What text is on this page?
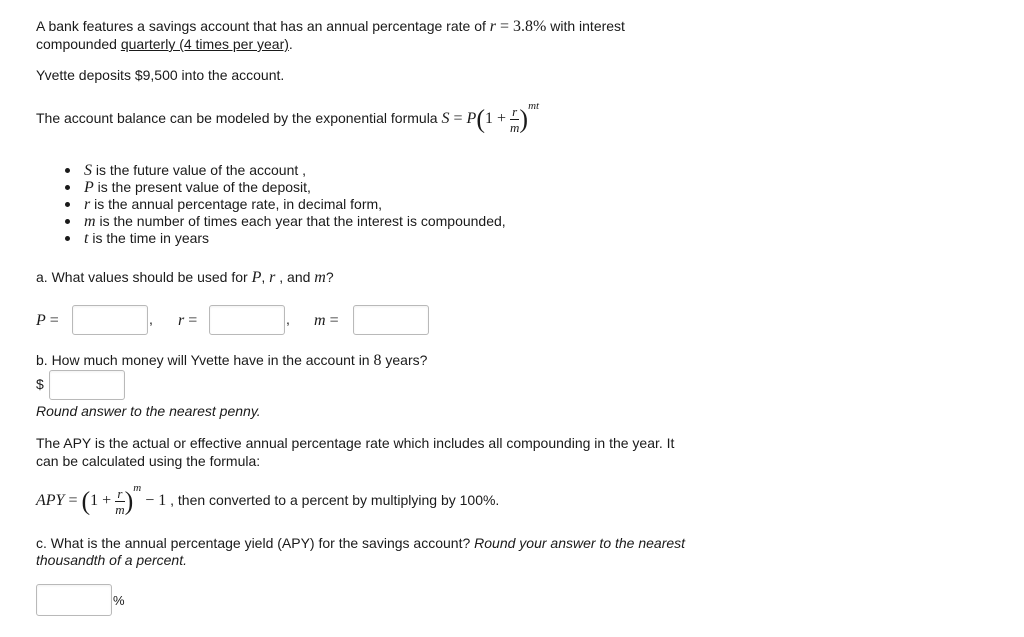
A bank features a savings account that has an annual percentage rate of r = 3.8% with interest
compounded quarterly (4 times per year).
Yvette deposits $9,500 into the account.
The account balance can be modeled by the exponential formula $S = P(1 + \frac{r}{m} )^{mt}$
S is the future value of the account ,
P is the present value of the deposit,
r is the annual percentage rate, in decimal form,
m is the number of times each year that the interest is compounded,
t is the time in years
a. What values should be used for P, r , and m?
P =	, r =	, m =
b. How much money will Yvette have in the account in 8 years?
$
Round answer to the nearest penny.
The APY is the actual or effective annual percentage rate which includes all compounding in the year. It
can be calculated using the formula:
APY = $(1 + \frac{r}{m} )^m - 1$ , then converted to a percent by multiplying by 100%.
c. What is the annual percentage yield (APY) for the savings account? Round your answer to the nearest
thousandth of a percent.
%
